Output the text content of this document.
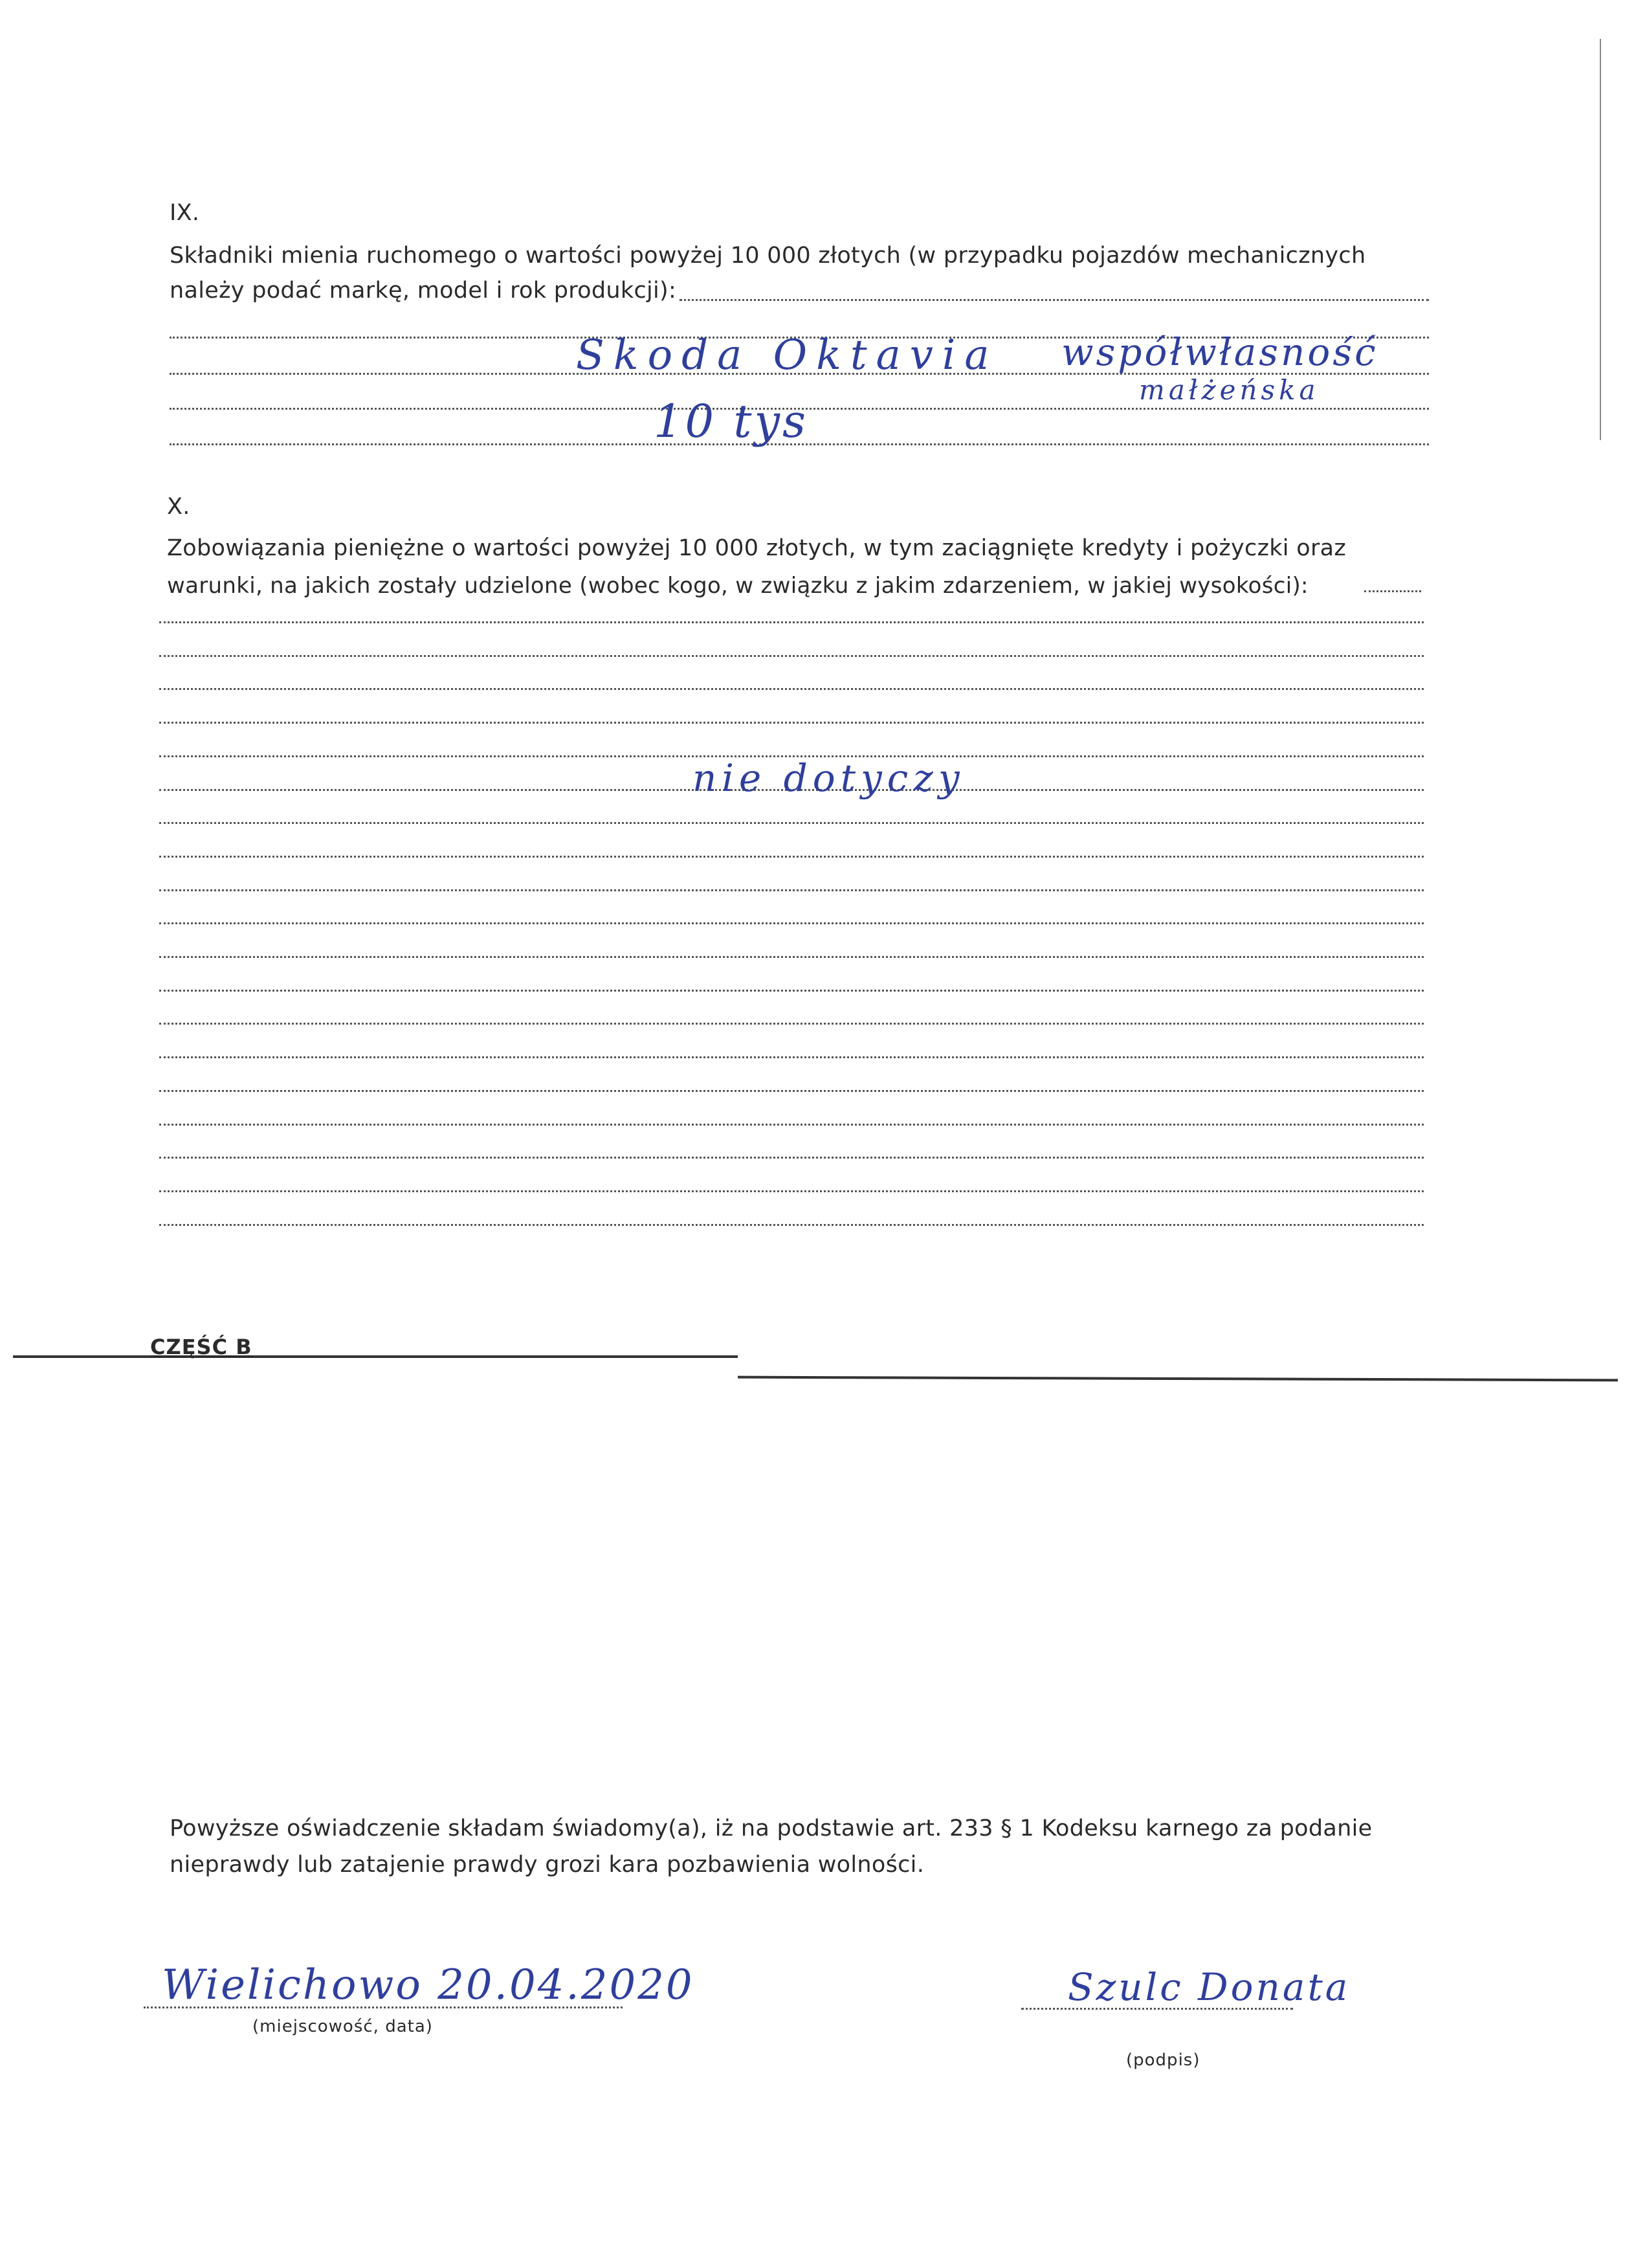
IX.
Składniki mienia ruchomego o wartości powyżej 10 000 złotych (w przypadku pojazdów mechanicznych
należy podać markę, model i rok produkcji):
Skoda Oktavia współwłasność
małżeńska
10 tys
X.
Zobowiązania pieniężne o wartości powyżej 10 000 złotych, w tym zaciągnięte kredyty i pożyczki oraz
warunki, na jakich zostały udzielone (wobec kogo, w związku z jakim zdarzeniem, w jakiej wysokości):
nie dotyczy
CZĘŚĆ B
Powyższe oświadczenie składam świadomy(a), iż na podstawie art. 233 § 1 Kodeksu karnego za podanie
nieprawdy lub zatajenie prawdy grozi kara pozbawienia wolności.
Wielichowo 20.04.2020
(miejscowość, data)
Szulc Donata
(podpis)
